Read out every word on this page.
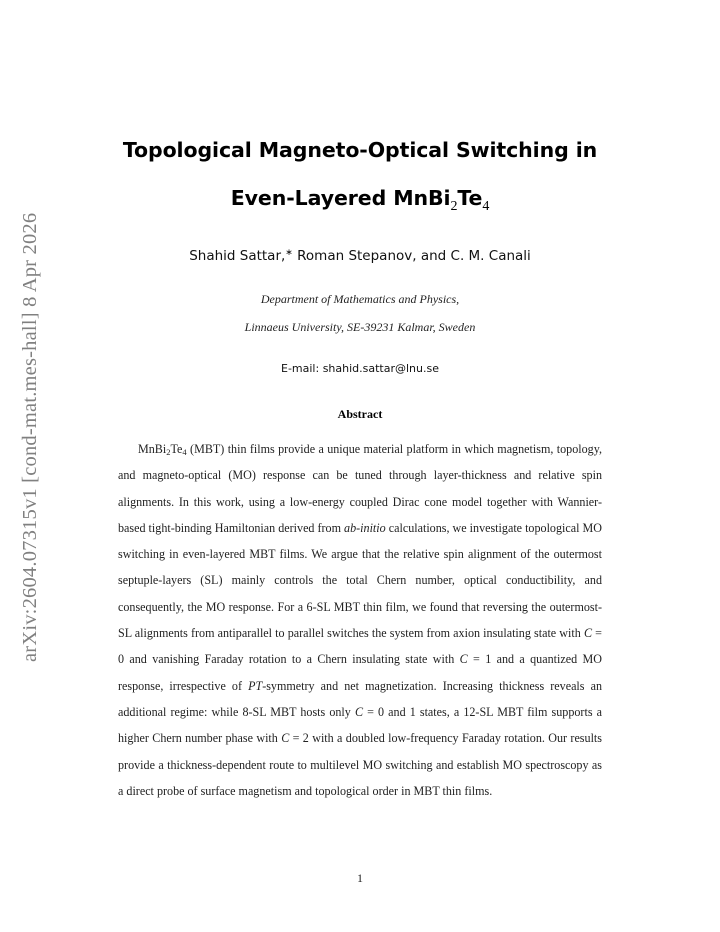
arXiv:2604.07315v1 [cond-mat.mes-hall] 8 Apr 2026
Topological Magneto-Optical Switching in
Even-Layered $MnBi_2Te_4$
Shahid Sattar,∗ Roman Stepanov, and C. M. Canali
Department of Mathematics and Physics,
Linnaeus University, SE-39231 Kalmar, Sweden
E-mail: shahid.sattar@lnu.se
Abstract

$MnBi_2Te_4$ (MBT) thin films provide a unique material platform in which magnetism, topology, and magneto-optical (MO) response can be tuned through layer-thickness and relative spin alignments. In this work, using a low-energy coupled Dirac cone model together with Wannier-based tight-binding Hamiltonian derived from ab-initio calculations, we investigate topological MO switching in even-layered MBT films. We argue that the relative spin alignment of the outermost septuple-layers (SL) mainly controls the total Chern number, optical conductibility, and consequently, the MO response. For a 6-SL MBT thin film, we found that reversing the outermost-SL alignments from antiparallel to parallel switches the system from axion insulating state with C = 0 and vanishing Faraday rotation to a Chern insulating state with C = 1 and a quantized MO response, irrespective of PT-symmetry and net magnetization. Increasing thickness reveals an additional regime: while 8-SL MBT hosts only C = 0 and 1 states, a 12-SL MBT film supports a higher Chern number phase with C = 2 with a doubled low-frequency Faraday rotation. Our results provide a thickness-dependent route to multilevel MO switching and establish MO spectroscopy as a direct probe of surface magnetism and topological order in MBT thin films.

1
